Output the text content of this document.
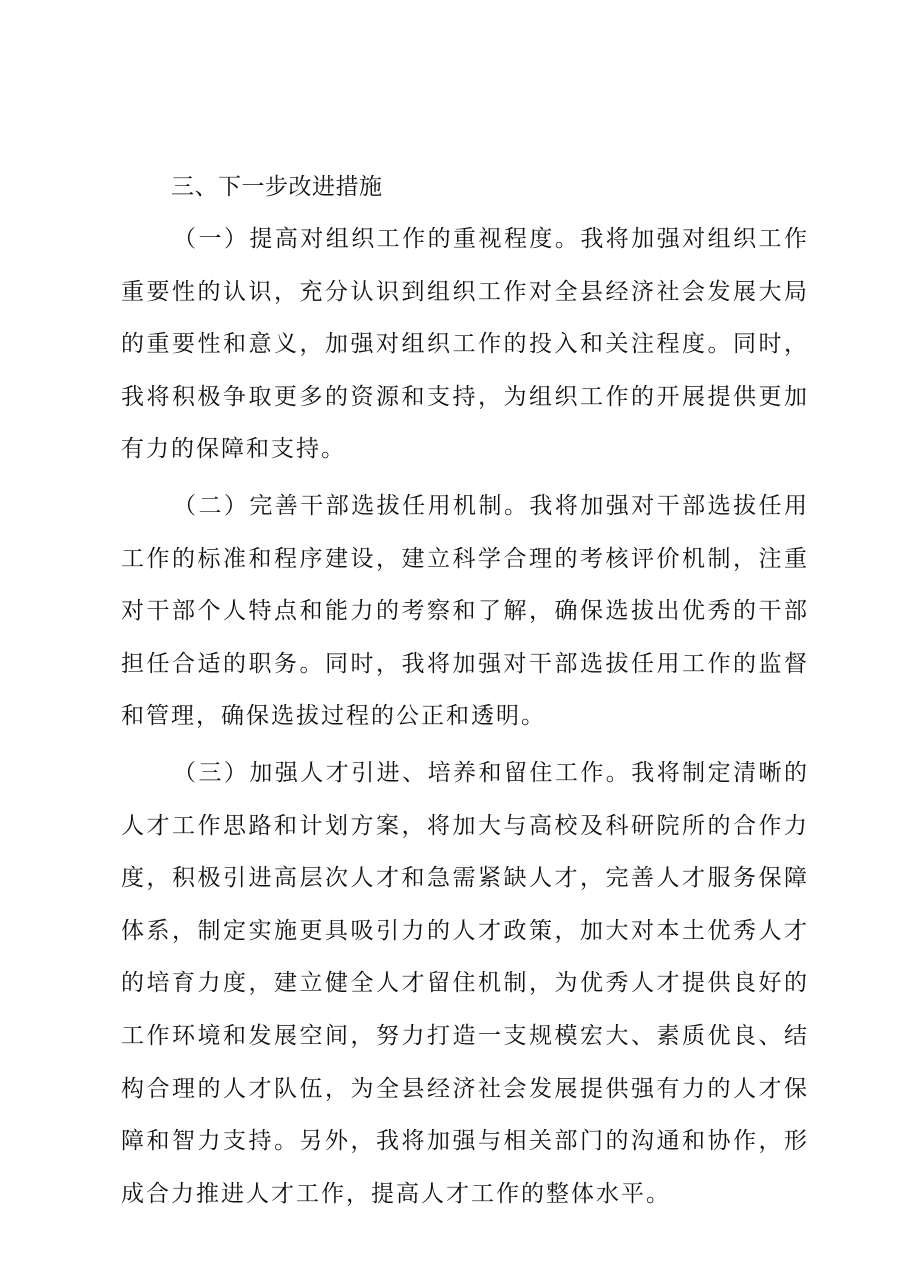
三、下一步改进措施

（一）提高对组织工作的重视程度。我将加强对组织工作重要性的认识，充分认识到组织工作对全县经济社会发展大局的重要性和意义，加强对组织工作的投入和关注程度。同时，我将积极争取更多的资源和支持，为组织工作的开展提供更加有力的保障和支持。

（二）完善干部选拔任用机制。我将加强对干部选拔任用工作的标准和程序建设，建立科学合理的考核评价机制，注重对干部个人特点和能力的考察和了解，确保选拔出优秀的干部担任合适的职务。同时，我将加强对干部选拔任用工作的监督和管理，确保选拔过程的公正和透明。

（三）加强人才引进、培养和留住工作。我将制定清晰的人才工作思路和计划方案，将加大与高校及科研院所的合作力度，积极引进高层次人才和急需紧缺人才，完善人才服务保障体系，制定实施更具吸引力的人才政策，加大对本土优秀人才的培育力度，建立健全人才留住机制，为优秀人才提供良好的工作环境和发展空间，努力打造一支规模宏大、素质优良、结构合理的人才队伍，为全县经济社会发展提供强有力的人才保障和智力支持。另外，我将加强与相关部门的沟通和协作，形成合力推进人才工作，提高人才工作的整体水平。
